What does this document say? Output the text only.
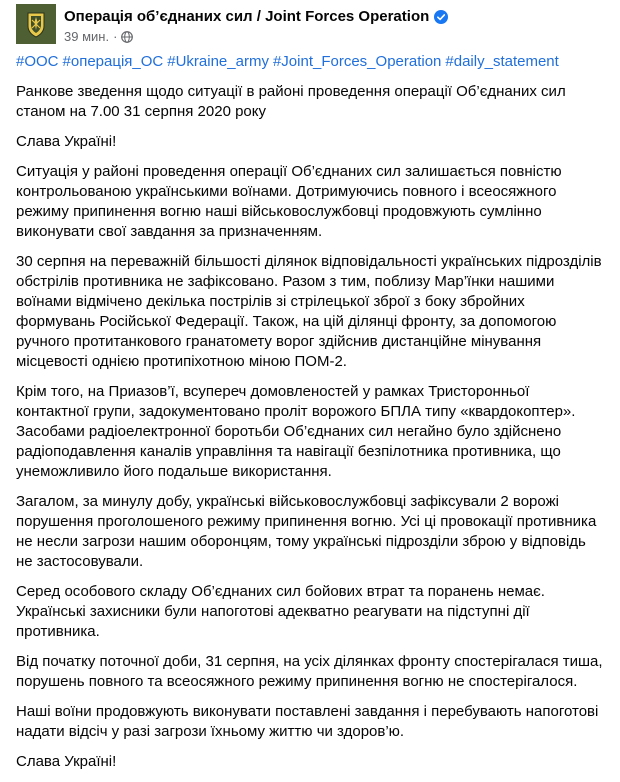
Операція об’єднаних сил / Joint Forces Operation
39 мин. ·
#ООС #операція_ОС #Ukraine_army #Joint_Forces_Operation #daily_statement

Ранкове зведення щодо ситуації в районі проведення операції Об’єднаних сил станом на 7.00 31 серпня 2020 року

Слава Україні!

Ситуація у районі проведення операції Об’єднаних сил залишається повністю контрольованою українськими воїнами. Дотримуючись повного і всеосяжного режиму припинення вогню наші військовослужбовці продовжують сумлінно виконувати свої завдання за призначенням.

30 серпня на переважній більшості ділянок відповідальності українських підрозділів обстрілів противника не зафіксовано. Разом з тим, поблизу Мар’їнки нашими воїнами відмічено декілька пострілів зі стрілецької зброї з боку збройних формувань Російської Федерації. Також, на цій ділянці фронту, за допомогою ручного протитанкового гранатомету ворог здійснив дистанційне мінування місцевості однією протипіхотною міною ПОМ-2.

Крім того, на Приазов’ї, всупереч домовленостей у рамках Тристоронньої контактної групи, задокументовано проліт ворожого БПЛА типу «квардокоптер». Засобами радіоелектронної боротьби Об’єднаних сил негайно було здійснено радіоподавлення каналів управління та навігації безпілотника противника, що унеможливило його подальше використання.

Загалом, за минулу добу, українські військовослужбовці зафіксували 2 ворожі порушення проголошеного режиму припинення вогню. Усі ці провокації противника не несли загрози нашим оборонцям, тому українські підрозділи зброю у відповідь не застосовували.

Серед особового складу Об’єднаних сил бойових втрат та поранень немає. Українські захисники були напоготові адекватно реагувати на підступні дії противника.

Від початку поточної доби, 31 серпня, на усіх ділянках фронту спостерігалася тиша, порушень повного та всеосяжного режиму припинення вогню не спостерігалося.

Наші воїни продовжують виконувати поставлені завдання і перебувають напоготові надати відсіч у разі загрози їхньому життю чи здоров’ю.

Слава Україні!
